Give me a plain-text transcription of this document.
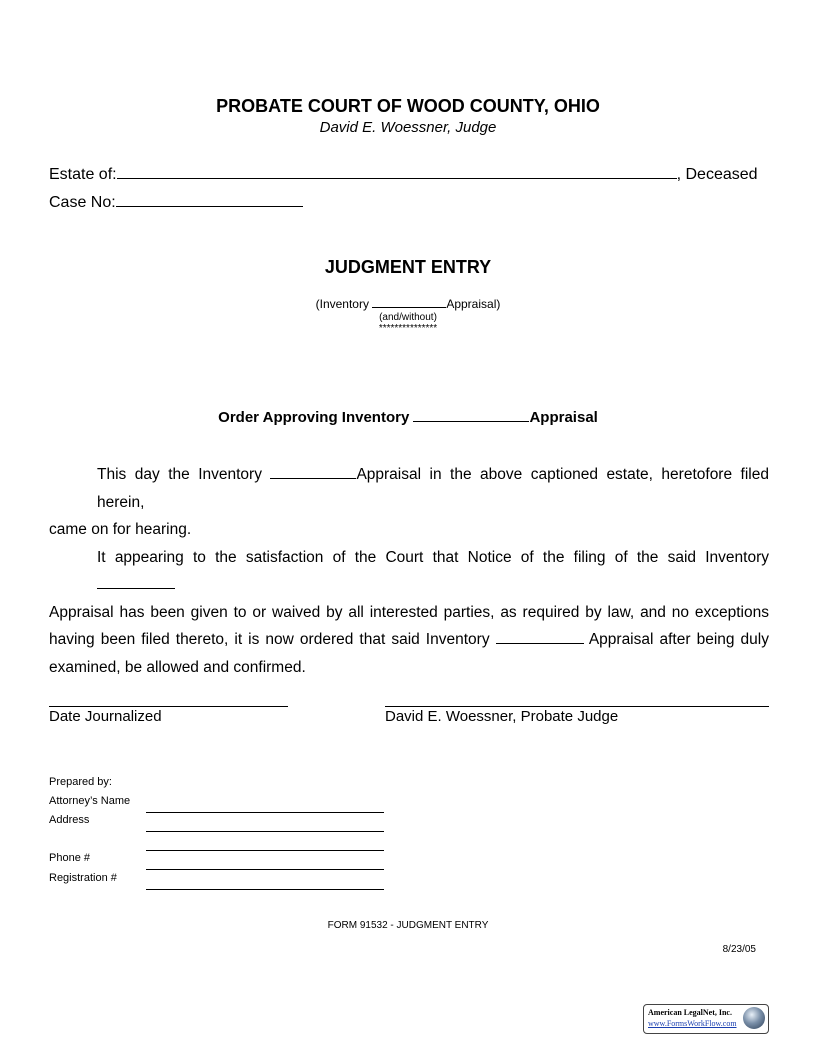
PROBATE COURT OF WOOD COUNTY, OHIO
David E. Woessner, Judge
Estate of:	, Deceased
Case No:
JUDGMENT ENTRY
(Inventory	Appraisal)
(and/without)
***************
Order Approving Inventory	Appraisal
This day the Inventory	Appraisal in the above captioned estate, heretofore filed herein,
came on for hearing.
It appearing to the satisfaction of the Court that Notice of the filing of the said Inventory
Appraisal has been given to or waived by all interested parties, as required by law, and no exceptions
having been filed thereto, it is now ordered that said Inventory	Appraisal after being duly
examined, be allowed and confirmed.
Date Journalized	David E. Woessner, Probate Judge
Prepared by:
Attorney’s Name
Address
Phone #
Registration #
FORM 91532 - JUDGMENT ENTRY
8/23/05
American LegalNet, Inc.
www.FormsWorkFlow.com
